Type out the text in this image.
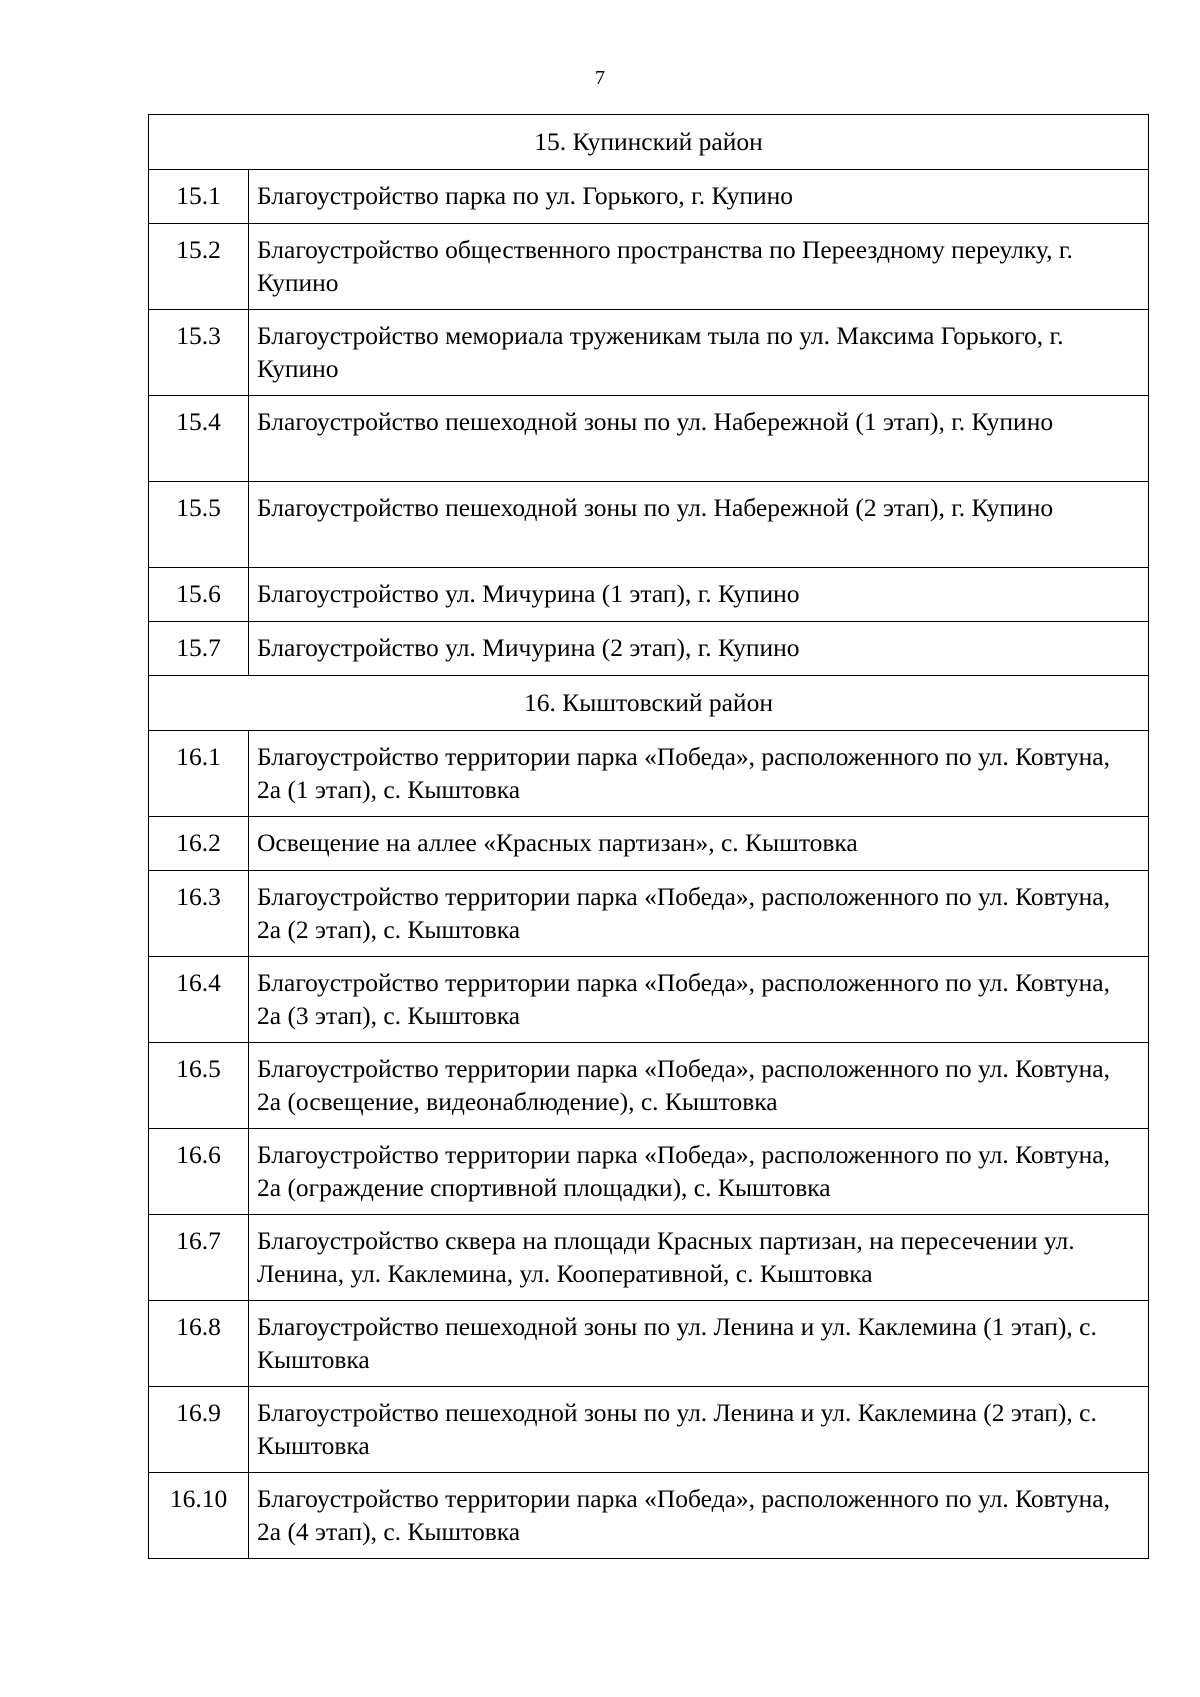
7
15. Купинский район	
15.1	Благоустройство парка по ул. Горького, г. Купино
15.2	Благоустройство общественного пространства по Переездному переулку, г. Купино
15.3	Благоустройство мемориала труженикам тыла по ул. Максима Горького, г. Купино
15.4	Благоустройство пешеходной зоны по ул. Набережной (1 этап), г. Купино
15.5	Благоустройство пешеходной зоны по ул. Набережной (2 этап), г. Купино
15.6	Благоустройство ул. Мичурина (1 этап), г. Купино
15.7	Благоустройство ул. Мичурина (2 этап), г. Купино
16. Кыштовский район	
16.1	Благоустройство территории парка «Победа», расположенного по ул. Ковтуна, 2а (1 этап), с. Кыштовка
16.2	Освещение на аллее «Красных партизан», с. Кыштовка
16.3	Благоустройство территории парка «Победа», расположенного по ул. Ковтуна, 2а (2 этап), с. Кыштовка
16.4	Благоустройство территории парка «Победа», расположенного по ул. Ковтуна, 2а (3 этап), с. Кыштовка
16.5	Благоустройство территории парка «Победа», расположенного по ул. Ковтуна, 2а (освещение, видеонаблюдение), с. Кыштовка
16.6	Благоустройство территории парка «Победа», расположенного по ул. Ковтуна, 2а (ограждение спортивной площадки), с. Кыштовка
16.7	Благоустройство сквера на площади Красных партизан, на пересечении ул. Ленина, ул. Каклемина, ул. Кооперативной, с. Кыштовка
16.8	Благоустройство пешеходной зоны по ул. Ленина и ул. Каклемина (1 этап), с. Кыштовка
16.9	Благоустройство пешеходной зоны по ул. Ленина и ул. Каклемина (2 этап), с. Кыштовка
16.10	Благоустройство территории парка «Победа», расположенного по ул. Ковтуна, 2а (4 этап), с. Кыштовка
